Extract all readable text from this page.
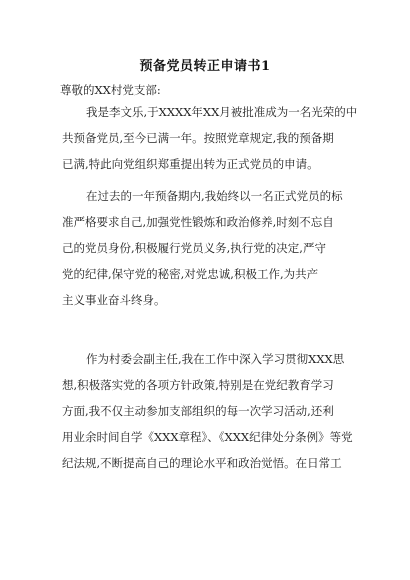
预备党员转正申请书1
尊敬的XX村党支部:
我是李文乐,于XXXX年XX月被批准成为一名光荣的中
共预备党员,至今已满一年。按照党章规定,我的预备期
已满,特此向党组织郑重提出转为正式党员的申请。
在过去的一年预备期内,我始终以一名正式党员的标
准严格要求自己,加强党性锻炼和政治修养,时刻不忘自
己的党员身份,积极履行党员义务,执行党的决定,严守
党的纪律,保守党的秘密,对党忠诚,积极工作,为共产
主义事业奋斗终身。
作为村委会副主任,我在工作中深入学习贯彻XXX思
想,积极落实党的各项方针政策,特别是在党纪教育学习
方面,我不仅主动参加支部组织的每一次学习活动,还利
用业余时间自学《XXX章程》、《XXX纪律处分条例》等党
纪法规,不断提高自己的理论水平和政治觉悟。在日常工
